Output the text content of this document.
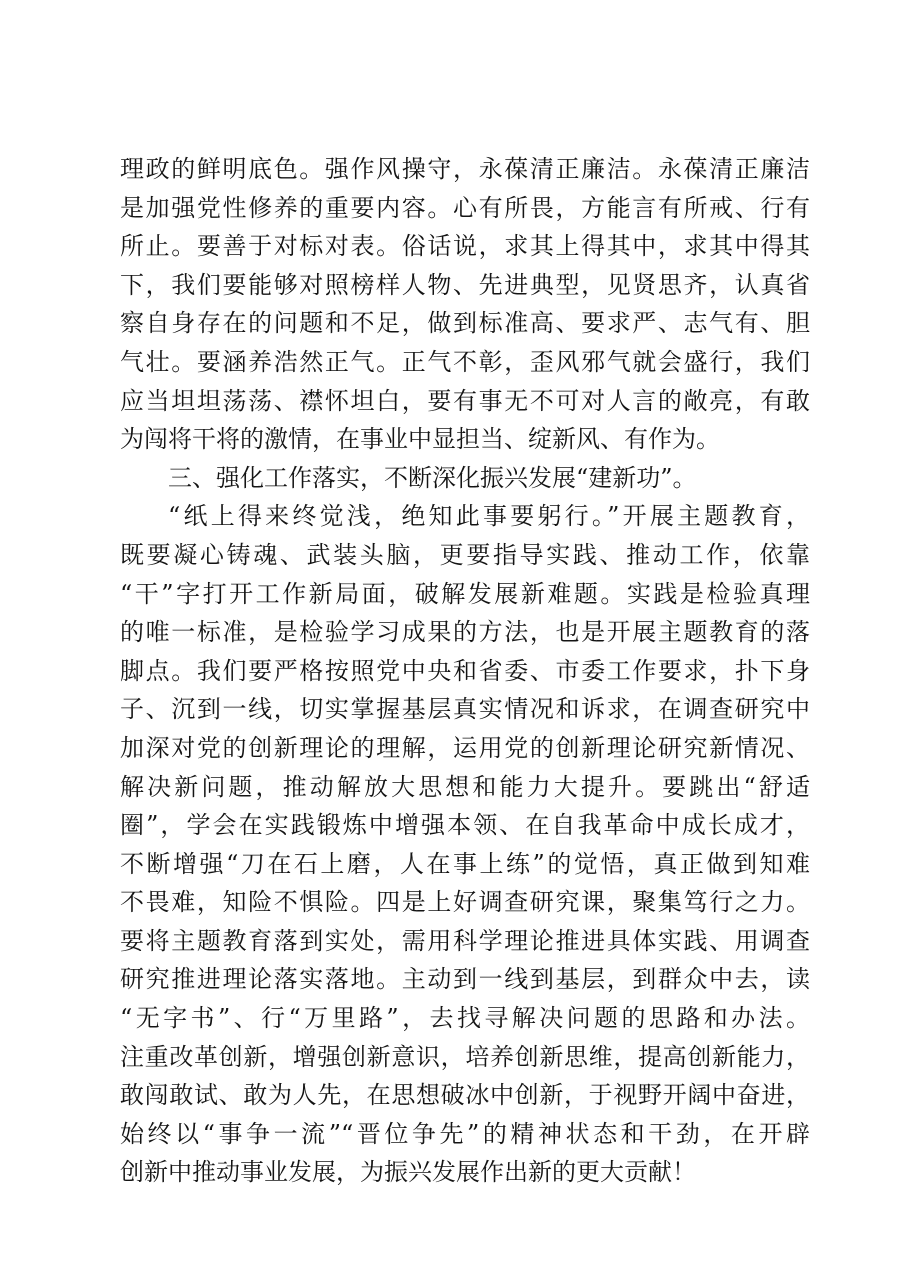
理政的鲜明底色。强作风操守，永葆清正廉洁。永葆清正廉洁
是加强党性修养的重要内容。心有所畏，方能言有所戒、行有
所止。要善于对标对表。俗话说，求其上得其中，求其中得其
下，我们要能够对照榜样人物、先进典型，见贤思齐，认真省
察自身存在的问题和不足，做到标准高、要求严、志气有、胆
气壮。要涵养浩然正气。正气不彰，歪风邪气就会盛行，我们
应当坦坦荡荡、襟怀坦白，要有事无不可对人言的敞亮，有敢
为闯将干将的激情，在事业中显担当、绽新风、有作为。
三、强化工作落实，不断深化振兴发展“建新功”。
“纸上得来终觉浅，绝知此事要躬行。”开展主题教育，
既要凝心铸魂、武装头脑，更要指导实践、推动工作，依靠
“干”字打开工作新局面，破解发展新难题。实践是检验真理
的唯一标准，是检验学习成果的方法，也是开展主题教育的落
脚点。我们要严格按照党中央和省委、市委工作要求，扑下身
子、沉到一线，切实掌握基层真实情况和诉求，在调查研究中
加深对党的创新理论的理解，运用党的创新理论研究新情况、
解决新问题，推动解放大思想和能力大提升。要跳出“舒适
圈”，学会在实践锻炼中增强本领、在自我革命中成长成才，
不断增强“刀在石上磨，人在事上练”的觉悟，真正做到知难
不畏难，知险不惧险。四是上好调查研究课，聚集笃行之力。
要将主题教育落到实处，需用科学理论推进具体实践、用调查
研究推进理论落实落地。主动到一线到基层，到群众中去，读
“无字书”、行“万里路”，去找寻解决问题的思路和办法。
注重改革创新，增强创新意识，培养创新思维，提高创新能力，
敢闯敢试、敢为人先，在思想破冰中创新，于视野开阔中奋进，
始终以“事争一流”“晋位争先”的精神状态和干劲，在开辟
创新中推动事业发展，为振兴发展作出新的更大贡献！
